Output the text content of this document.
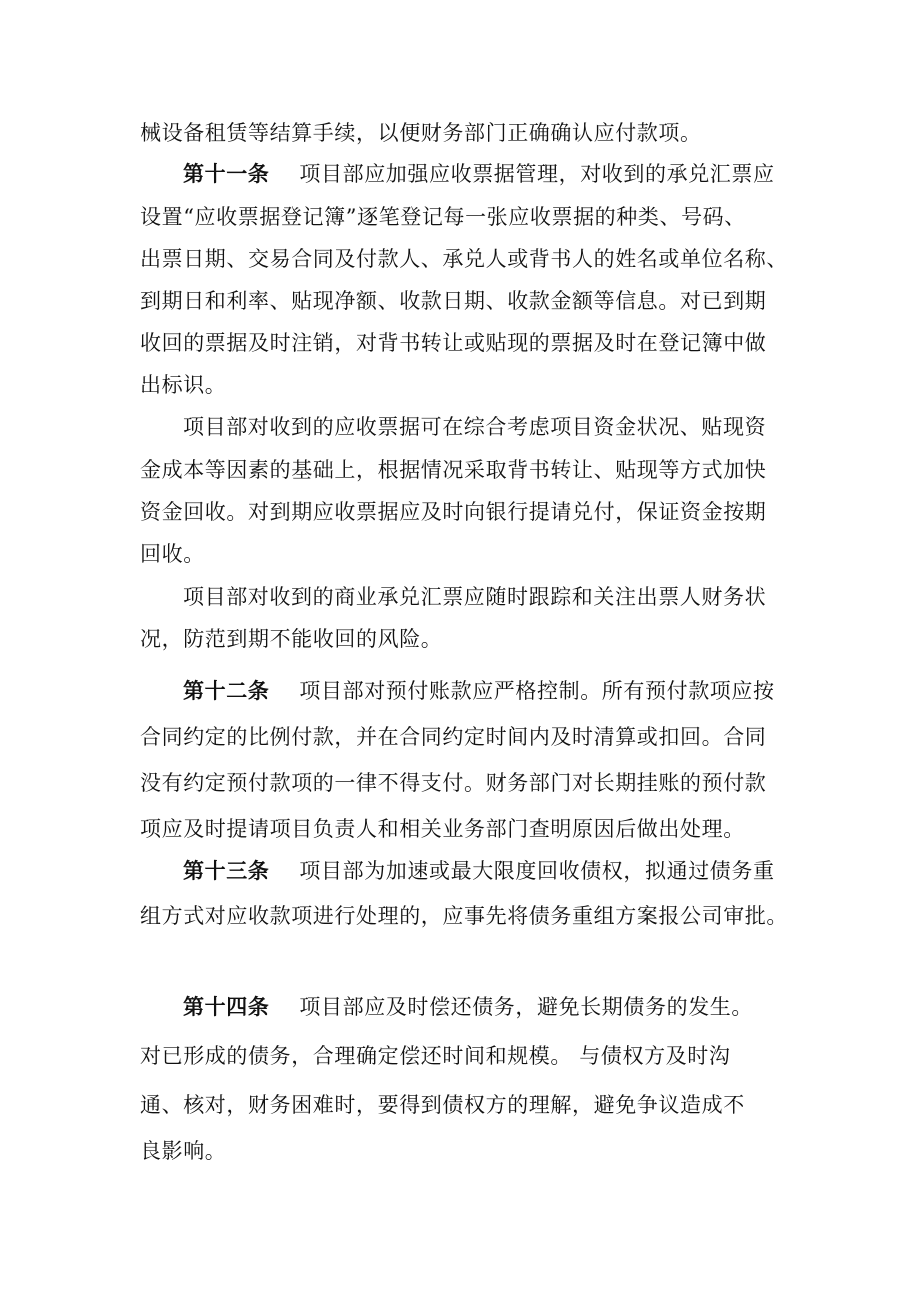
械设备租赁等结算手续，以便财务部门正确确认应付款项。
第十一条 项目部应加强应收票据管理，对收到的承兑汇票应
设置“应收票据登记簿”逐笔登记每一张应收票据的种类、号码、
出票日期、交易合同及付款人、承兑人或背书人的姓名或单位名称、
到期日和利率、贴现净额、收款日期、收款金额等信息。对已到期
收回的票据及时注销，对背书转让或贴现的票据及时在登记簿中做
出标识。
项目部对收到的应收票据可在综合考虑项目资金状况、贴现资
金成本等因素的基础上，根据情况采取背书转让、贴现等方式加快
资金回收。对到期应收票据应及时向银行提请兑付，保证资金按期
回收。
项目部对收到的商业承兑汇票应随时跟踪和关注出票人财务状
况，防范到期不能收回的风险。
第十二条 项目部对预付账款应严格控制。所有预付款项应按
合同约定的比例付款，并在合同约定时间内及时清算或扣回。合同
没有约定预付款项的一律不得支付。财务部门对长期挂账的预付款
项应及时提请项目负责人和相关业务部门查明原因后做出处理。
第十三条 项目部为加速或最大限度回收债权，拟通过债务重
组方式对应收款项进行处理的，应事先将债务重组方案报公司审批。
第十四条 项目部应及时偿还债务，避免长期债务的发生。
对已形成的债务，合理确定偿还时间和规模。 与债权方及时沟
通、核对，财务困难时，要得到债权方的理解，避免争议造成不
良影响。
